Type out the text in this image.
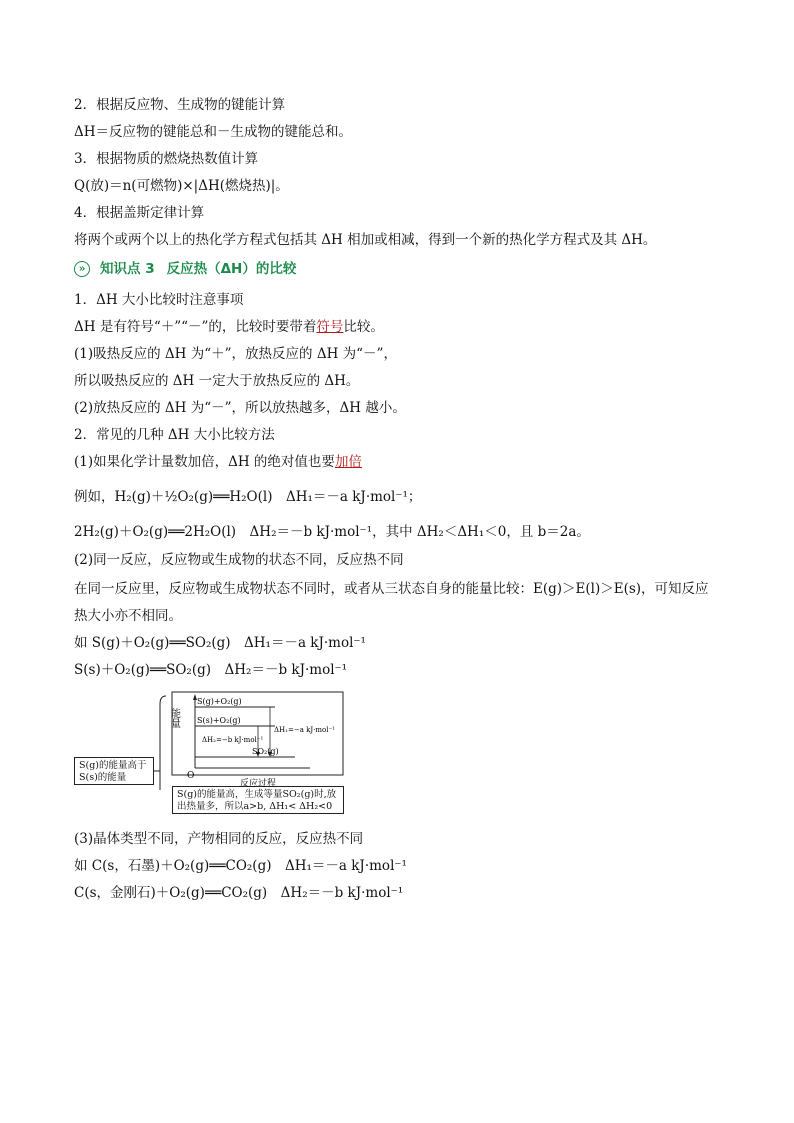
2．根据反应物、生成物的键能计算
ΔH＝反应物的键能总和－生成物的键能总和。
3．根据物质的燃烧热数值计算
Q(放)＝n(可燃物)×|ΔH(燃烧热)|。
4．根据盖斯定律计算
将两个或两个以上的热化学方程式包括其 ΔH 相加或相减，得到一个新的热化学方程式及其 ΔH。
»	知识点 3 反应热（ΔH）的比较
1．ΔH 大小比较时注意事项
ΔH 是有符号“＋”“－”的，比较时要带着符号比较。
(1)吸热反应的 ΔH 为“＋”，放热反应的 ΔH 为“－”，
所以吸热反应的 ΔH 一定大于放热反应的 ΔH。
(2)放热反应的 ΔH 为“－”，所以放热越多，ΔH 越小。
2．常见的几种 ΔH 大小比较方法
(1)如果化学计量数加倍，ΔH 的绝对值也要加倍
例如，H₂(g)＋½O₂(g)══H₂O(l)　ΔH₁＝－a kJ·mol⁻¹；
2H₂(g)＋O₂(g)══2H₂O(l)　ΔH₂＝－b kJ·mol⁻¹，其中 ΔH₂＜ΔH₁＜0，且 b＝2a。
(2)同一反应，反应物或生成物的状态不同，反应热不同
在同一反应里，反应物或生成物状态不同时，或者从三状态自身的能量比较：E(g)＞E(l)＞E(s)，可知反应
热大小亦不相同。
如 S(g)＋O₂(g)══SO₂(g)　ΔH₁＝－a kJ·mol⁻¹
S(s)＋O₂(g)══SO₂(g)　ΔH₂＝－b kJ·mol⁻¹
S(g)的能量高于S(s)的能量
S(g)的能量高，生成等量SO₂(g)时,放出热量多，所以a>b, ΔH₁< ΔH₂<0
能量
O
反应过程
S(g)+O₂(g)
S(s)+O₂(g)
SO₂(g)
ΔH₁=−a kJ·mol⁻¹
ΔH₂=−b kJ·mol⁻¹
(3)晶体类型不同，产物相同的反应，反应热不同
如 C(s，石墨)＋O₂(g)══CO₂(g)　ΔH₁＝－a kJ·mol⁻¹
C(s，金刚石)＋O₂(g)══CO₂(g)　ΔH₂＝－b kJ·mol⁻¹
